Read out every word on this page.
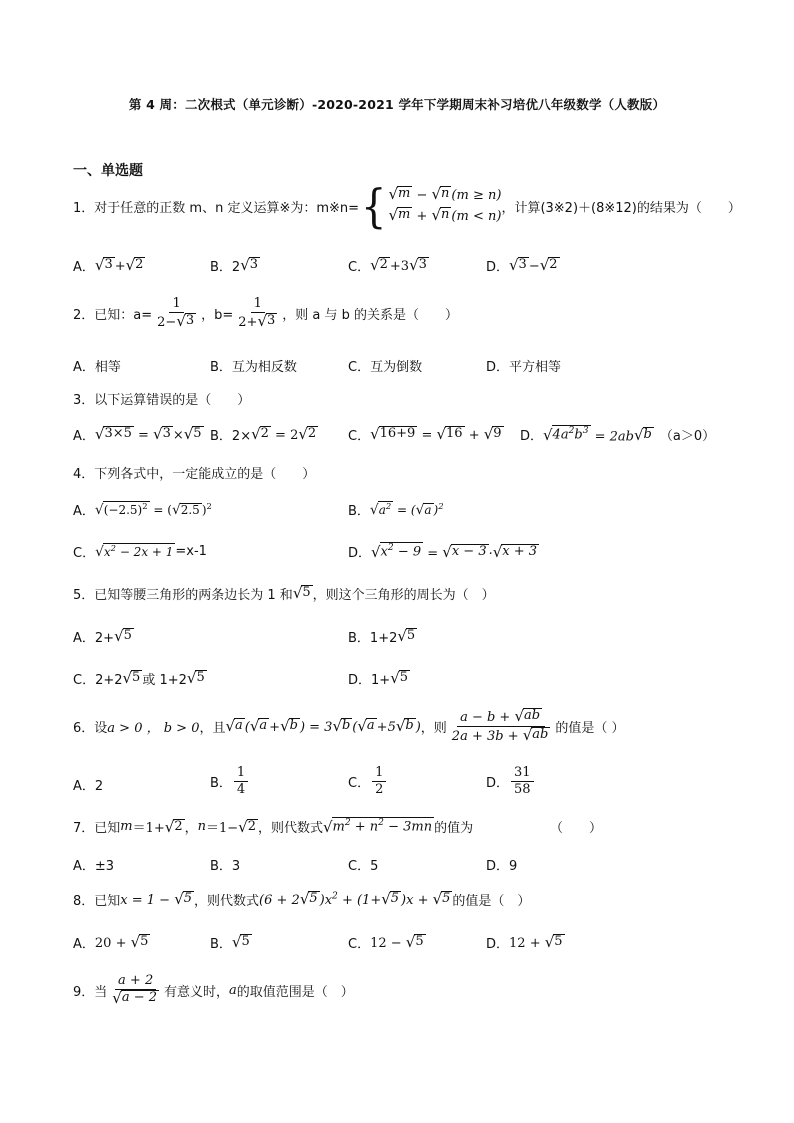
第 4 周：二次根式（单元诊断）-2020-2021 学年下学期周末补习培优八年级数学（人教版）
一、单选题
1．对于任意的正数 m、n 定义运算※为：m※n= { √ m − √ n (m ≥ n)
√ m + √ n (m < n) ，计算(3※2)＋(8※12)的结果为（　　）
A． √ 3 + √ 2	B．2 √ 3	C． √ 2 +3 √ 3	D． √ 3 − √ 2
2．已知：$a= \frac{1}{2- √ 3}$ ，$b= \frac{1}{2+ √ 3}$ ，则 a 与 b 的关系是（　　）
A．相等	B．互为相反数	C．互为倒数	D．平方相等
3．以下运算错误的是（　　）
A． √ 3×5 = √ 3 × √ 5 B．2× √ 2 = 2 √ 2 C． √ 16+9 = √ 16 + √ 9 D． √ $4a^2b^3 = 2ab$ √ b （a＞0）
4．下列各式中，一定能成立的是（　　）
A． √ $(-2.5)^2$ = ( √ 2.5 )$^2$	B． √ $a^2$ = ( √ a )$^2$
C． √ $x^2 - 2x + 1 =x-1$	D． √ $x^2 - 9$ = √ x − 3 · √ x + 3
5．已知等腰三角形的两条边长为 1 和 √ 5 ，则这个三角形的周长为（　）
A．2+ √ 5	B．1+2 √ 5
C．2+2 √ 5 或 1+2 √ 5	D．1+ √ 5
6．设 a > 0 ， b > 0 ，且 √ a ( √ a + √ b ) = 3 √ b ( √ a +5 √ b ) ，则 $\frac{a - b + √ ab}{2a + 3b + √ ab}$ 的值是（ ）
A．2	B． $\frac{1}{4}$	C． $\frac{1}{2}$	D． $\frac{31}{58}$
7．已知 m ＝1+ √ 2 ， n ＝1− √ 2 ，则代数式 √ $m^2 + n^2 - 3mn$ 的值为	（　　）
A．±3	B．3	C．5	D．9
8．已知 x = 1 − √ 5 ，则代数式 (6 + 2 √ 5 )$x^2 + (1+$ √ 5 )x + √ 5 的值是（　）
A． 20 + √ 5	B． √ 5	C． 12 − √ 5	D． 12 + √ 5
9．当 $\frac{a + 2}{√ a - 2}$ 有意义时， a 的取值范围是（　）
